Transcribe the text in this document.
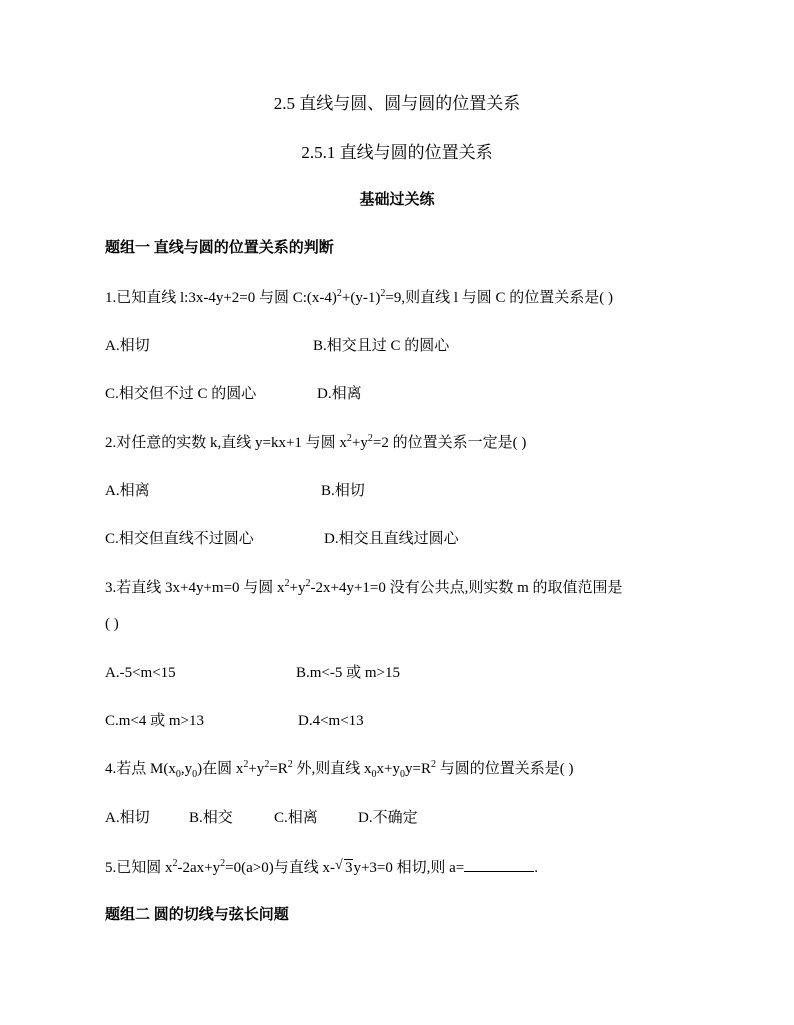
2.5 直线与圆、圆与圆的位置关系
2.5.1 直线与圆的位置关系
基础过关练
题组一 直线与圆的位置关系的判断
1.已知直线 l:3x-4y+2=0 与圆 $C:(x-4)^2+(y-1)^2=9$,则直线 l 与圆 C 的位置关系是( )
A.相切	B.相交且过 C 的圆心
C.相交但不过 C 的圆心	D.相离
2.对任意的实数 k,直线 y=kx+1 与圆 $x^2+y^2=2$ 的位置关系一定是( )
A.相离	B.相切
C.相交但直线不过圆心	D.相交且直线过圆心
3.若直线 3x+4y+m=0 与圆 $x^2+y^2-2x+4y+1=0$ 没有公共点,则实数 m 的取值范围是
( )
A.-5<m<15	B.m<-5 或 m>15
C.m<4 或 m>13	D.4<m<13
4.若点 $M(x_0,y_0)$在圆 $x^2+y^2=R^2$ 外,则直线 $x_0x+y_0y=R^2$ 与圆的位置关系是( )
A.相切	B.相交	C.相离	D.不确定
5.已知圆 $x^2-2ax+y^2=0(a>0)$与直线 x- √ 3y+3=0 相切,则 a=	.
题组二 圆的切线与弦长问题
